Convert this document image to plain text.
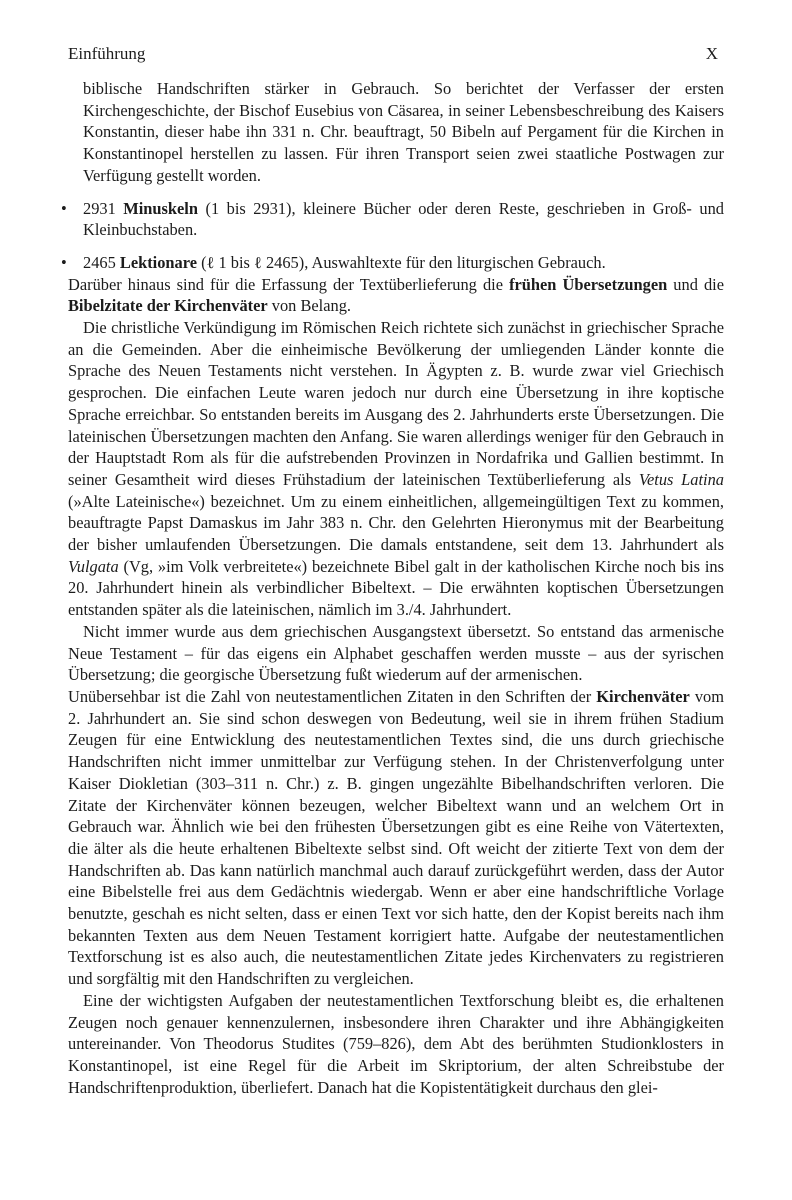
Einführung	X

biblische Handschriften stärker in Gebrauch. So berichtet der Verfasser der ersten Kirchengeschichte, der Bischof Eusebius von Cäsarea, in seiner Lebensbeschreibung des Kaisers Konstantin, dieser habe ihn 331 n. Chr. beauftragt, 50 Bibeln auf Pergament für die Kirchen in Konstantinopel herstellen zu lassen. Für ihren Transport seien zwei staatliche Postwagen zur Verfügung gestellt worden.

• 2931 Minuskeln (1 bis 2931), kleinere Bücher oder deren Reste, geschrieben in Groß- und Kleinbuchstaben.
• 2465 Lektionare (ℓ 1 bis ℓ 2465), Auswahltexte für den liturgischen Gebrauch.

Darüber hinaus sind für die Erfassung der Textüberlieferung die frühen Übersetzungen und die Bibelzitate der Kirchenväter von Belang.

Die christliche Verkündigung im Römischen Reich richtete sich zunächst in griechischer Sprache an die Gemeinden. Aber die einheimische Bevölkerung der umliegenden Länder konnte die Sprache des Neuen Testaments nicht verstehen. In Ägypten z. B. wurde zwar viel Griechisch gesprochen. Die einfachen Leute waren jedoch nur durch eine Übersetzung in ihre koptische Sprache erreichbar. So entstanden bereits im Ausgang des 2. Jahrhunderts erste Übersetzungen. Die lateinischen Übersetzungen machten den Anfang. Sie waren allerdings weniger für den Gebrauch in der Hauptstadt Rom als für die aufstrebenden Provinzen in Nordafrika und Gallien bestimmt. In seiner Gesamtheit wird dieses Frühstadium der lateinischen Textüberlieferung als Vetus Latina (»Alte Lateinische«) bezeichnet. Um zu einem einheitlichen, allgemeingültigen Text zu kommen, beauftragte Papst Damaskus im Jahr 383 n. Chr. den Gelehrten Hieronymus mit der Bearbeitung der bisher umlaufenden Übersetzungen. Die damals entstandene, seit dem 13. Jahrhundert als Vulgata (Vg, »im Volk verbreitete«) bezeichnete Bibel galt in der katholischen Kirche noch bis ins 20. Jahrhundert hinein als verbindlicher Bibeltext. – Die erwähnten koptischen Übersetzungen entstanden später als die lateinischen, nämlich im 3./4. Jahrhundert.

Nicht immer wurde aus dem griechischen Ausgangstext übersetzt. So entstand das armenische Neue Testament – für das eigens ein Alphabet geschaffen werden musste – aus der syrischen Übersetzung; die georgische Übersetzung fußt wiederum auf der armenischen.

Unübersehbar ist die Zahl von neutestamentlichen Zitaten in den Schriften der Kirchenväter vom 2. Jahrhundert an. Sie sind schon deswegen von Bedeutung, weil sie in ihrem frühen Stadium Zeugen für eine Entwicklung des neutestamentlichen Textes sind, die uns durch griechische Handschriften nicht immer unmittelbar zur Verfügung stehen. In der Christenverfolgung unter Kaiser Diokletian (303–311 n. Chr.) z. B. gingen ungezählte Bibelhandschriften verloren. Die Zitate der Kirchenväter können bezeugen, welcher Bibeltext wann und an welchem Ort in Gebrauch war. Ähnlich wie bei den frühesten Übersetzungen gibt es eine Reihe von Vätertexten, die älter als die heute erhaltenen Bibeltexte selbst sind. Oft weicht der zitierte Text von dem der Handschriften ab. Das kann natürlich manchmal auch darauf zurückgeführt werden, dass der Autor eine Bibelstelle frei aus dem Gedächtnis wiedergab. Wenn er aber eine handschriftliche Vorlage benutzte, geschah es nicht selten, dass er einen Text vor sich hatte, den der Kopist bereits nach ihm bekannten Texten aus dem Neuen Testament korrigiert hatte. Aufgabe der neutestamentlichen Textforschung ist es also auch, die neutestamentlichen Zitate jedes Kirchenvaters zu registrieren und sorgfältig mit den Handschriften zu vergleichen.

Eine der wichtigsten Aufgaben der neutestamentlichen Textforschung bleibt es, die erhaltenen Zeugen noch genauer kennenzulernen, insbesondere ihren Charakter und ihre Abhängigkeiten untereinander. Von Theodorus Studites (759–826), dem Abt des berühmten Studionklosters in Konstantinopel, ist eine Regel für die Arbeit im Skriptorium, der alten Schreibstube der Handschriftenproduktion, überliefert. Danach hat die Kopistentätigkeit durchaus den glei-
